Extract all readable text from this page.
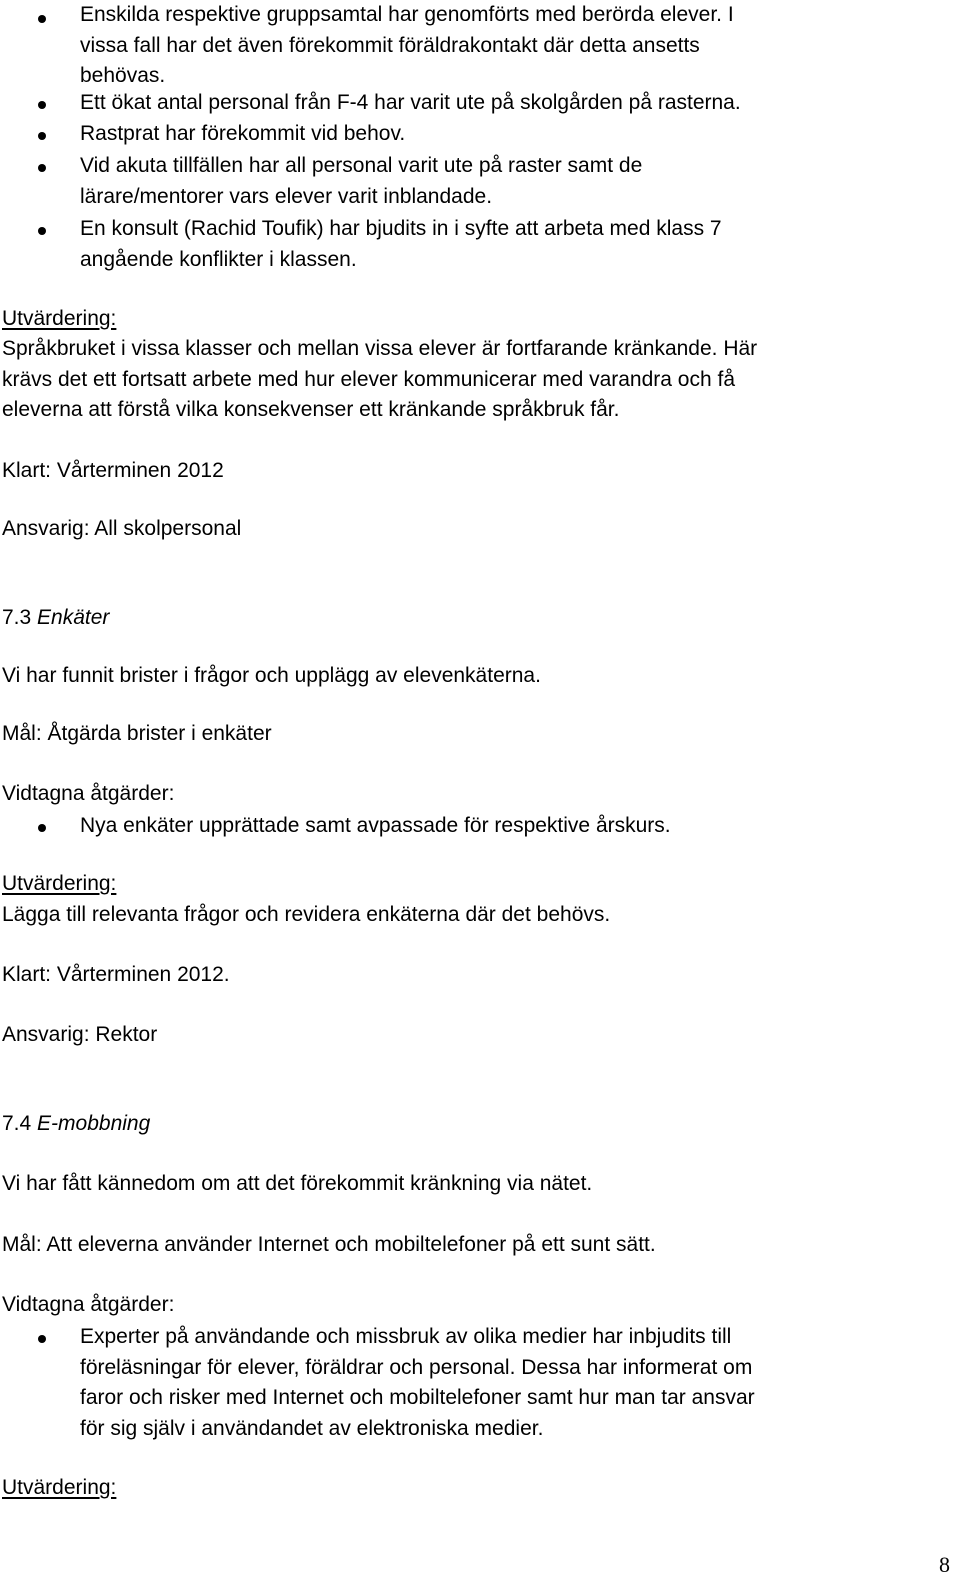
Enskilda respektive gruppsamtal har genomförts med berörda elever. I
vissa fall har det även förekommit föräldrakontakt där detta ansetts
behövas.
Ett ökat antal personal från F-4 har varit ute på skolgården på rasterna.
Rastprat har förekommit vid behov.
Vid akuta tillfällen har all personal varit ute på raster samt de
lärare/mentorer vars elever varit inblandade.
En konsult (Rachid Toufik) har bjudits in i syfte att arbeta med klass 7
angående konflikter i klassen.
Utvärdering:
Språkbruket i vissa klasser och mellan vissa elever är fortfarande kränkande. Här
krävs det ett fortsatt arbete med hur elever kommunicerar med varandra och få
eleverna att förstå vilka konsekvenser ett kränkande språkbruk får.
Klart: Vårterminen 2012
Ansvarig: All skolpersonal
7.3 Enkäter
Vi har funnit brister i frågor och upplägg av elevenkäterna.
Mål: Åtgärda brister i enkäter
Vidtagna åtgärder:
Nya enkäter upprättade samt avpassade för respektive årskurs.
Utvärdering:
Lägga till relevanta frågor och revidera enkäterna där det behövs.
Klart: Vårterminen 2012.
Ansvarig: Rektor
7.4 E-mobbning
Vi har fått kännedom om att det förekommit kränkning via nätet.
Mål: Att eleverna använder Internet och mobiltelefoner på ett sunt sätt.
Vidtagna åtgärder:
Experter på användande och missbruk av olika medier har inbjudits till
föreläsningar för elever, föräldrar och personal. Dessa har informerat om
faror och risker med Internet och mobiltelefoner samt hur man tar ansvar
för sig själv i användandet av elektroniska medier.
Utvärdering:
8
